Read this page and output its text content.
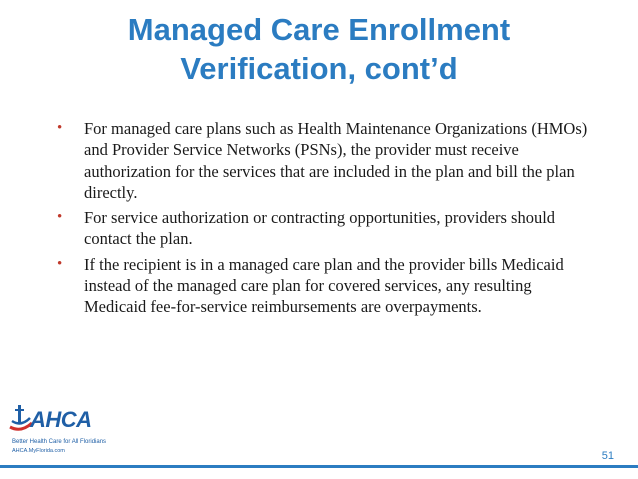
Managed Care Enrollment
Verification, cont’d
• For managed care plans such as Health Maintenance Organizations (HMOs) and Provider Service Networks (PSNs), the provider must receive authorization for the services that are included in the plan and bill the plan directly.
• For service authorization or contracting opportunities, providers should contact the plan.
• If the recipient is in a managed care plan and the provider bills Medicaid instead of the managed care plan for covered services, any resulting Medicaid fee-for-service reimbursements are overpayments.
AHCA
Better Health Care for All Floridians
AHCA.MyFlorida.com	51
